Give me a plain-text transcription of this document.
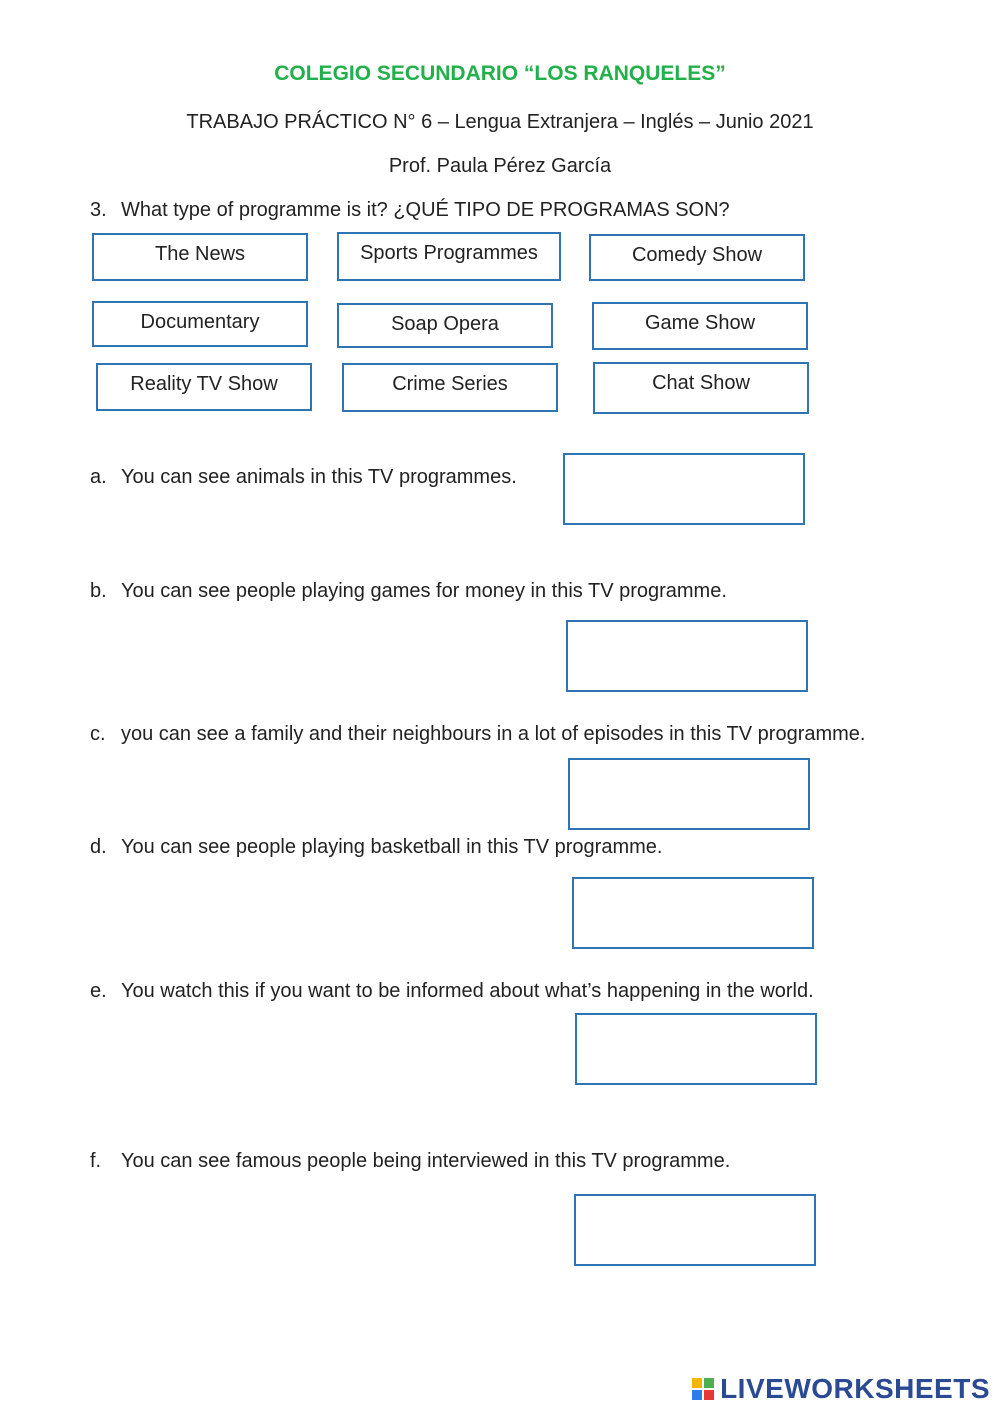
COLEGIO SECUNDARIO “LOS RANQUELES”
TRABAJO PRÁCTICO N° 6 – Lengua Extranjera – Inglés – Junio 2021
Prof. Paula Pérez García
3. What type of programme is it? ¿QUÉ TIPO DE PROGRAMAS SON?
The News	Sports Programmes	Comedy Show
Documentary	Soap Opera	Game Show
Reality TV Show	Crime Series	Chat Show
a. You can see animals in this TV programmes.
b. You can see people playing games for money in this TV programme.
c. you can see a family and their neighbours in a lot of episodes in this TV programme.
d. You can see people playing basketball in this TV programme.
e. You watch this if you want to be informed about what’s happening in the world.
f. You can see famous people being interviewed in this TV programme.
LIVEWORKSHEETS
